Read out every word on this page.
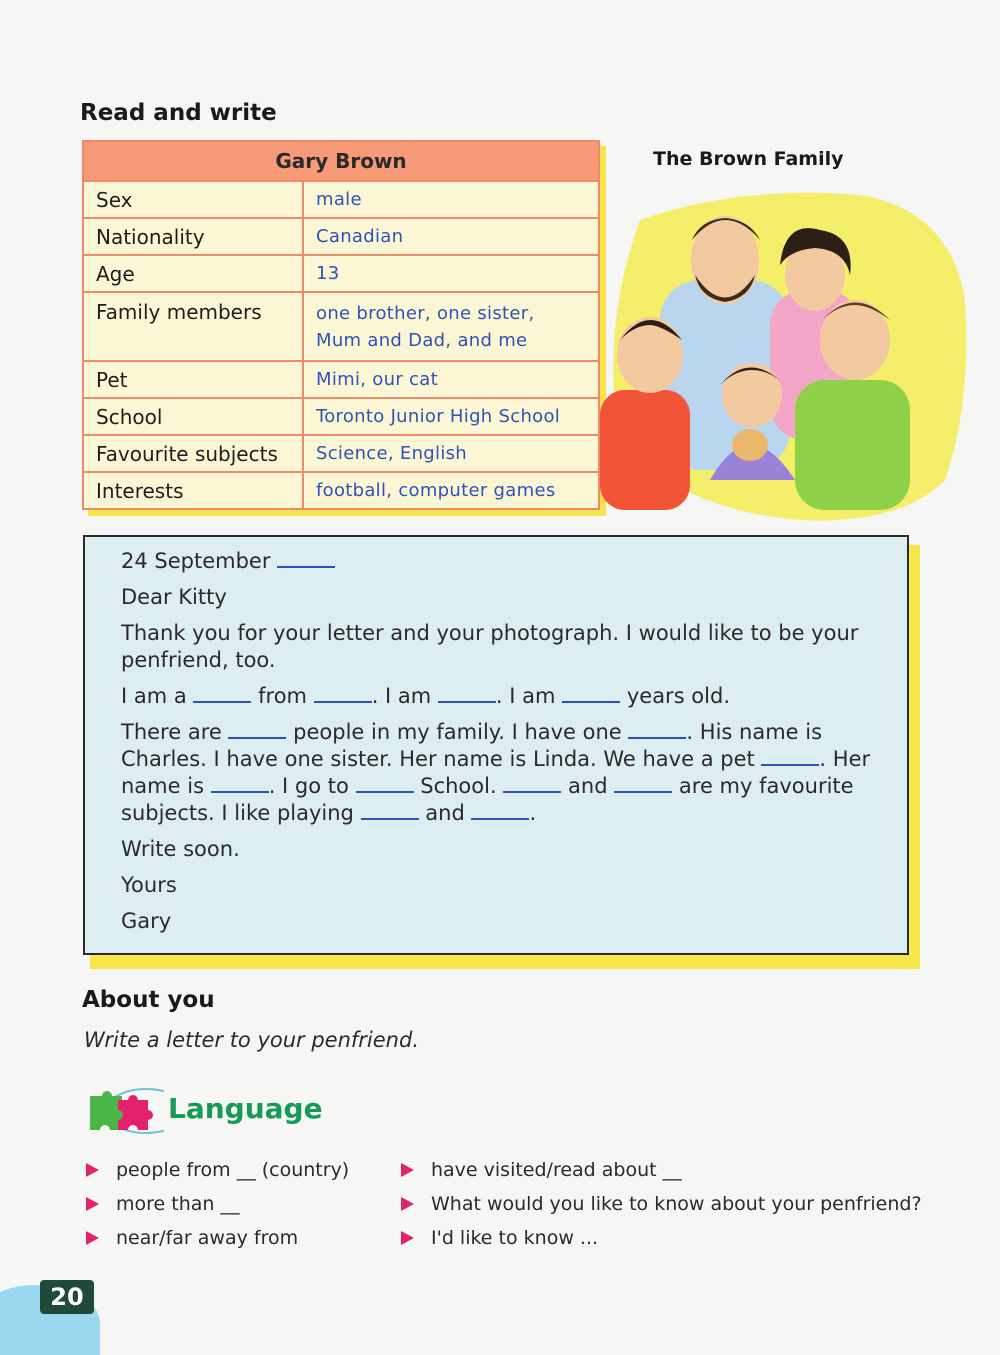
Read and write
Gary Brown	
Sex	male

Nationality	Canadian

Age	13

Family members	one brother, one sister,
Mum and Dad, and me

Pet	Mimi, our cat

School	Toronto Junior High School

Favourite subjects	Science, English

Interests	football, computer games
The Brown Family

24 September

Dear Kitty

Thank you for your letter and your photograph. I would like to be your penfriend, too.

I am a	from	. I am	. I am	years old.

There are	people in my family. I have one	. His name is Charles. I have one sister. Her name is Linda. We have a pet	. Her name is	. I go to	School.	and	are my favourite subjects. I like playing	and	.

Write soon.

Yours

Gary

About you
Write a letter to your penfriend.
Language
people from __ (country)
more than __
near/far away from
have visited/read about __
What would you like to know about your penfriend?
I'd like to know ...
20
